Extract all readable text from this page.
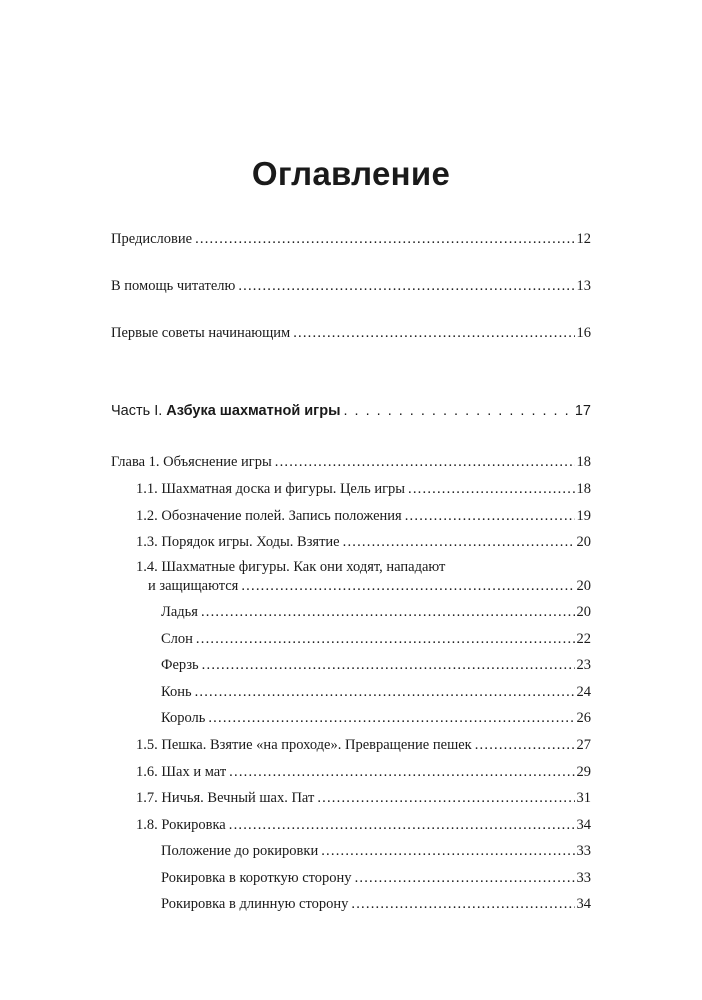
Оглавление
Предисловие .....	12
В помощь читателю .....	13
Первые советы начинающим .....	16
Часть I. Азбука шахматной игры . . .	17
Глава 1. Объяснение игры .....	18
1.1. Шахматная доска и фигуры. Цель игры .....	18
1.2. Обозначение полей. Запись положения .....	19
1.3. Порядок игры. Ходы. Взятие .....	20
1.4. Шахматные фигуры. Как они ходят, нападают
и защищаются .....	20
Ладья .....	20
Слон .....	22
Ферзь .....	23
Конь .....	24
Король .....	26
1.5. Пешка. Взятие «на проходе». Превращение пешек .....	27
1.6. Шах и мат .....	29
1.7. Ничья. Вечный шах. Пат .....	31
1.8. Рокировка .....	34
Положение до рокировки .....	33
Рокировка в короткую сторону .....	33
Рокировка в длинную сторону .....	34
